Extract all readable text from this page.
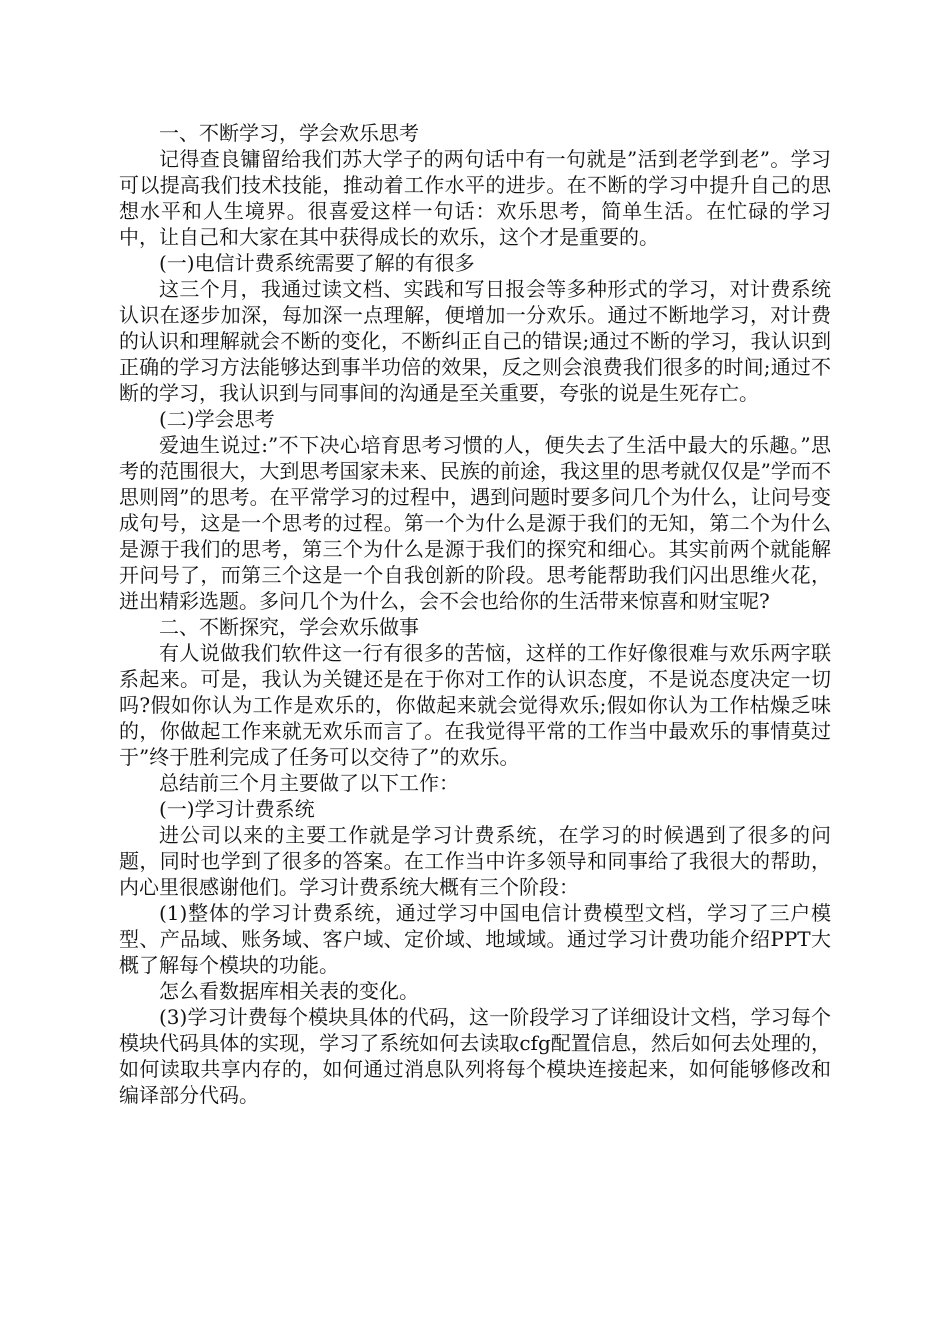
一、不断学习，学会欢乐思考

记得查良镛留给我们苏大学子的两句话中有一句就是”活到老学到老”。学习可以提高我们技术技能，推动着工作水平的进步。在不断的学习中提升自己的思想水平和人生境界。很喜爱这样一句话：欢乐思考，简单生活。在忙碌的学习中，让自己和大家在其中获得成长的欢乐，这个才是重要的。

(一)电信计费系统需要了解的有很多

这三个月，我通过读文档、实践和写日报会等多种形式的学习，对计费系统认识在逐步加深，每加深一点理解，便增加一分欢乐。通过不断地学习，对计费的认识和理解就会不断的变化，不断纠正自己的错误;通过不断的学习，我认识到正确的学习方法能够达到事半功倍的效果，反之则会浪费我们很多的时间;通过不断的学习，我认识到与同事间的沟通是至关重要，夸张的说是生死存亡。

(二)学会思考

爱迪生说过:”不下决心培育思考习惯的人，便失去了生活中最大的乐趣。”思考的范围很大，大到思考国家未来、民族的前途，我这里的思考就仅仅是”学而不思则罔”的思考。在平常学习的过程中，遇到问题时要多问几个为什么，让问号变成句号，这是一个思考的过程。第一个为什么是源于我们的无知，第二个为什么是源于我们的思考，第三个为什么是源于我们的探究和细心。其实前两个就能解开问号了，而第三个这是一个自我创新的阶段。思考能帮助我们闪出思维火花，迸出精彩选题。多问几个为什么，会不会也给你的生活带来惊喜和财宝呢?

二、不断探究，学会欢乐做事

有人说做我们软件这一行有很多的苦恼，这样的工作好像很难与欢乐两字联系起来。可是，我认为关键还是在于你对工作的认识态度，不是说态度决定一切吗?假如你认为工作是欢乐的，你做起来就会觉得欢乐;假如你认为工作枯燥乏味的，你做起工作来就无欢乐而言了。在我觉得平常的工作当中最欢乐的事情莫过于”终于胜利完成了任务可以交待了”的欢乐。

总结前三个月主要做了以下工作：

(一)学习计费系统

进公司以来的主要工作就是学习计费系统，在学习的时候遇到了很多的问题，同时也学到了很多的答案。在工作当中许多领导和同事给了我很大的帮助，内心里很感谢他们。学习计费系统大概有三个阶段：

(1)整体的学习计费系统，通过学习中国电信计费模型文档，学习了三户模型、产品域、账务域、客户域、定价域、地域域。通过学习计费功能介绍PPT大概了解每个模块的功能。

怎么看数据库相关表的变化。

(3)学习计费每个模块具体的代码，这一阶段学习了详细设计文档，学习每个模块代码具体的实现，学习了系统如何去读取cfg配置信息，然后如何去处理的，如何读取共享内存的，如何通过消息队列将每个模块连接起来，如何能够修改和编译部分代码。
